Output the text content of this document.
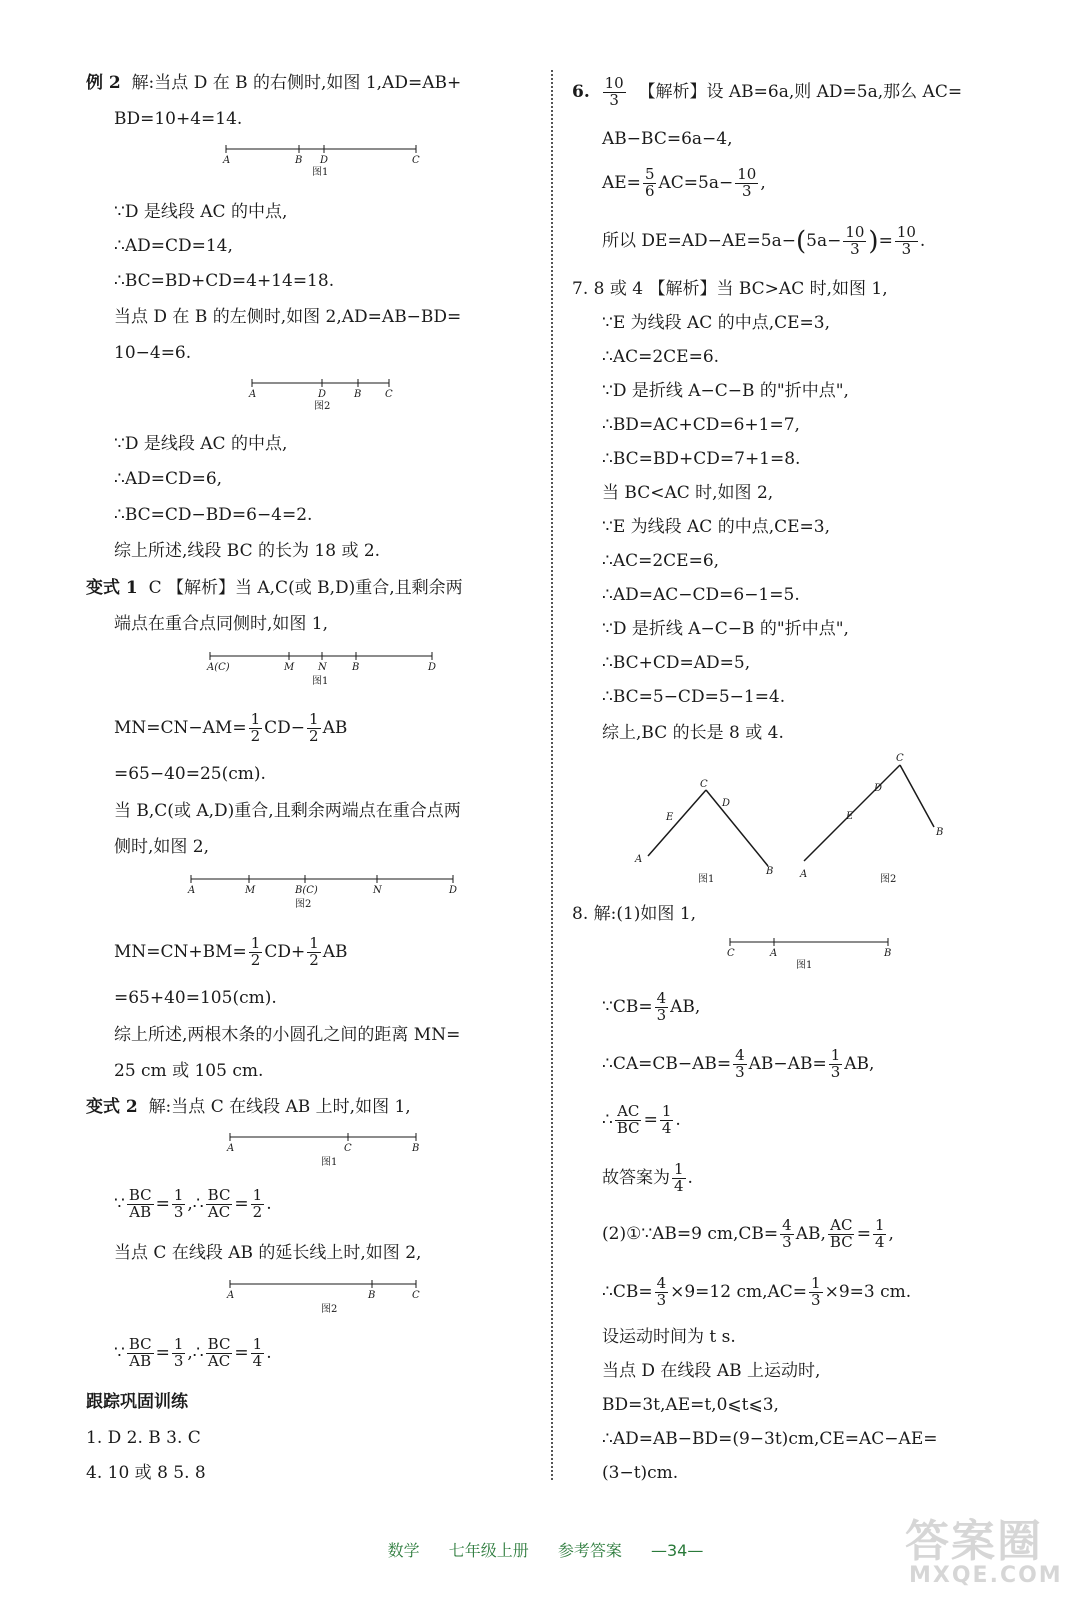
例 2 解:当点 D 在 B 的右侧时,如图 1,AD=AB+
BD=10+4=14.
A	B D	C
图1
∵D 是线段 AC 的中点,
∴AD=CD=14,
∴BC=BD+CD=4+14=18.
当点 D 在 B 的左侧时,如图 2,AD=AB−BD=
10−4=6.
A	D	B C
图2
∵D 是线段 AC 的中点,
∴AD=CD=6,
∴BC=CD−BD=6−4=2.
综上所述,线段 BC 的长为 18 或 2.
变式 1 C 【解析】当 A,C(或 B,D)重合,且剩余两
端点在重合点同侧时,如图 1,
A(C)	M N	B	D
图1
$MN=CN-AM= \frac{1}{2} CD- \frac{1}{2}$ AB
=65−40=25(cm).
当 B,C(或 A,D)重合,且剩余两端点在重合点两
侧时,如图 2,
A	M	B(C)	N	D
图2
$MN=CN+BM= \frac{1}{2} CD+ \frac{1}{2}$ AB
=65+40=105(cm).
综上所述,两根木条的小圆孔之间的距离 MN=
25 cm 或 105 cm.
变式 2 解:当点 C 在线段 AB 上时,如图 1,
A	C	B
图1
∵ $\frac{BC}{AB} = \frac{1}{3}$ ,∴ $\frac{BC}{AC} = \frac{1}{2}$ .
当点 C 在线段 AB 的延长线上时,如图 2,
A	B	C
图2
∵ $\frac{BC}{AB} = \frac{1}{3}$ ,∴ $\frac{BC}{AC} = \frac{1}{4}$ .
跟踪巩固训练
1. D 2. B 3. C
4. 10 或 8 5. 8
6. $\frac{10}{3}$ 【解析】设 AB=6a,则 AD=5a,那么 AC=
AB−BC=6a−4,
$AE= \frac{5}{6} AC=5a- \frac{10}{3}$ ,
所以 $DE=AD-AE=5a-(5a- \frac{10}{3}$ )= $\frac{10}{3}$ .
7. 8 或 4 【解析】当 BC>AC 时,如图 1,
∵E 为线段 AC 的中点,CE=3,
∴AC=2CE=6.
∵D 是折线 A−C−B 的"折中点",
∴BD=AC+CD=6+1=7,
∴BC=BD+CD=7+1=8.
当 BC<AC 时,如图 2,
∵E 为线段 AC 的中点,CE=3,
∴AC=2CE=6,
∴AD=AC−CD=6−1=5.
∵D 是折线 A−C−B 的"折中点",
∴BC+CD=AD=5,
∴BC=5−CD=5−1=4.
综上,BC 的长是 8 或 4.
A
E
C
D
B
图1	A
E
D
C
B
图2
8. 解:(1)如图 1,
C	A	B
图1
∵CB= $\frac{4}{3}$ AB,
∴CA=CB−AB= $\frac{4}{3} AB-AB= \frac{1}{3}$ AB,
∴ $\frac{AC}{BC} = \frac{1}{4}$ .
故答案为 $\frac{1}{4}$ .
(2)①∵AB=9 $cm,CB= \frac{4}{3}$ AB, $\frac{AC}{BC} = \frac{1}{4}$ ,
∴CB= $\frac{4}{3} \times 9=12$ $cm,AC= \frac{1}{3} \times 9=3$ cm.
设运动时间为 t s.
当点 D 在线段 AB 上运动时,
BD=3t,AE=t,0⩽t⩽3,
∴AD=AB−BD=(9−3t)cm,CE=AC−AE=
(3−t)cm.
数学 七年级上册 参考答案 —34—	答案圈
MXQE.COM
